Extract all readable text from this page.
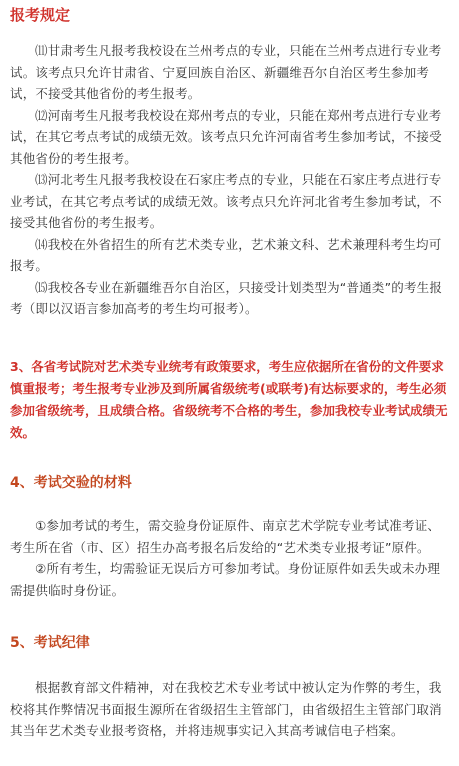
报考规定

⑾甘肃考生凡报考我校设在兰州考点的专业，只能在兰州考点进行专业考试。该考点只允许甘肃省、宁夏回族自治区、新疆维吾尔自治区考生参加考试，不接受其他省份的考生报考。

⑿河南考生凡报考我校设在郑州考点的专业，只能在郑州考点进行专业考试，在其它考点考试的成绩无效。该考点只允许河南省考生参加考试，不接受其他省份的考生报考。

⒀河北考生凡报考我校设在石家庄考点的专业，只能在石家庄考点进行专业考试，在其它考点考试的成绩无效。该考点只允许河北省考生参加考试，不接受其他省份的考生报考。

⒁我校在外省招生的所有艺术类专业，艺术兼文科、艺术兼理科考生均可报考。

⒂我校各专业在新疆维吾尔自治区，只接受计划类型为“普通类”的考生报考（即以汉语言参加高考的考生均可报考）。

3、各省考试院对艺术类专业统考有政策要求，考生应依据所在省份的文件要求慎重报考；考生报考专业涉及到所属省级统考(或联考)有达标要求的，考生必须参加省级统考，且成绩合格。省级统考不合格的考生，参加我校专业考试成绩无效。

4、考试交验的材料

①参加考试的考生，需交验身份证原件、南京艺术学院专业考试准考证、考生所在省（市、区）招生办高考报名后发给的“艺术类专业报考证”原件。

②所有考生，均需验证无误后方可参加考试。身份证原件如丢失或未办理需提供临时身份证。

5、考试纪律

根据教育部文件精神，对在我校艺术专业考试中被认定为作弊的考生，我校将其作弊情况书面报生源所在省级招生主管部门，由省级招生主管部门取消其当年艺术类专业报考资格，并将违规事实记入其高考诚信电子档案。
